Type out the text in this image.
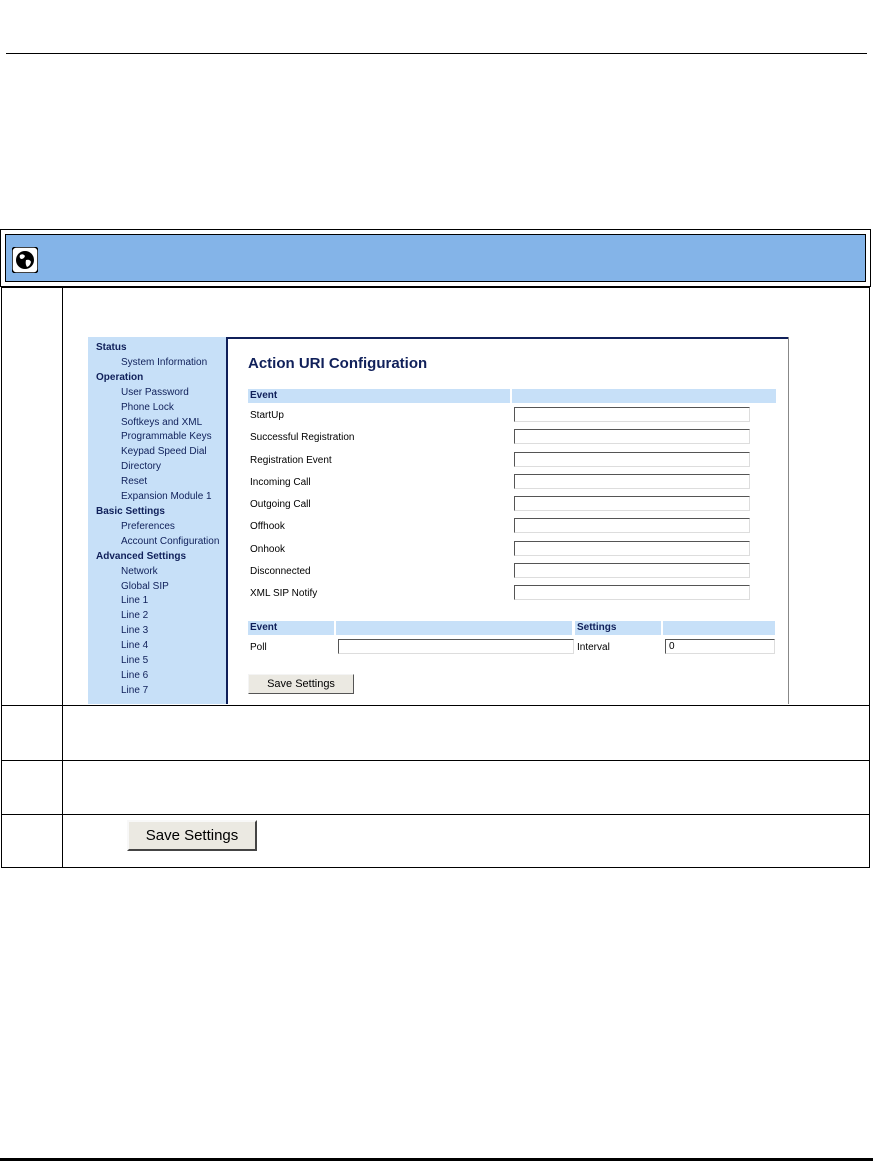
Status
System Information
Operation
User Password
Phone Lock
Softkeys and XML
Programmable Keys
Keypad Speed Dial
Directory
Reset
Expansion Module 1
Basic Settings
Preferences
Account Configuration
Advanced Settings
Network
Global SIP
Line 1
Line 2
Line 3
Line 4
Line 5
Line 6
Line 7
Action URI Configuration
Event
StartUp
Successful Registration
Registration Event
Incoming Call
Outgoing Call
Offhook
Onhook
Disconnected
XML SIP Notify
Event	Settings
Poll	Interval	0
Save Settings
Save Settings
